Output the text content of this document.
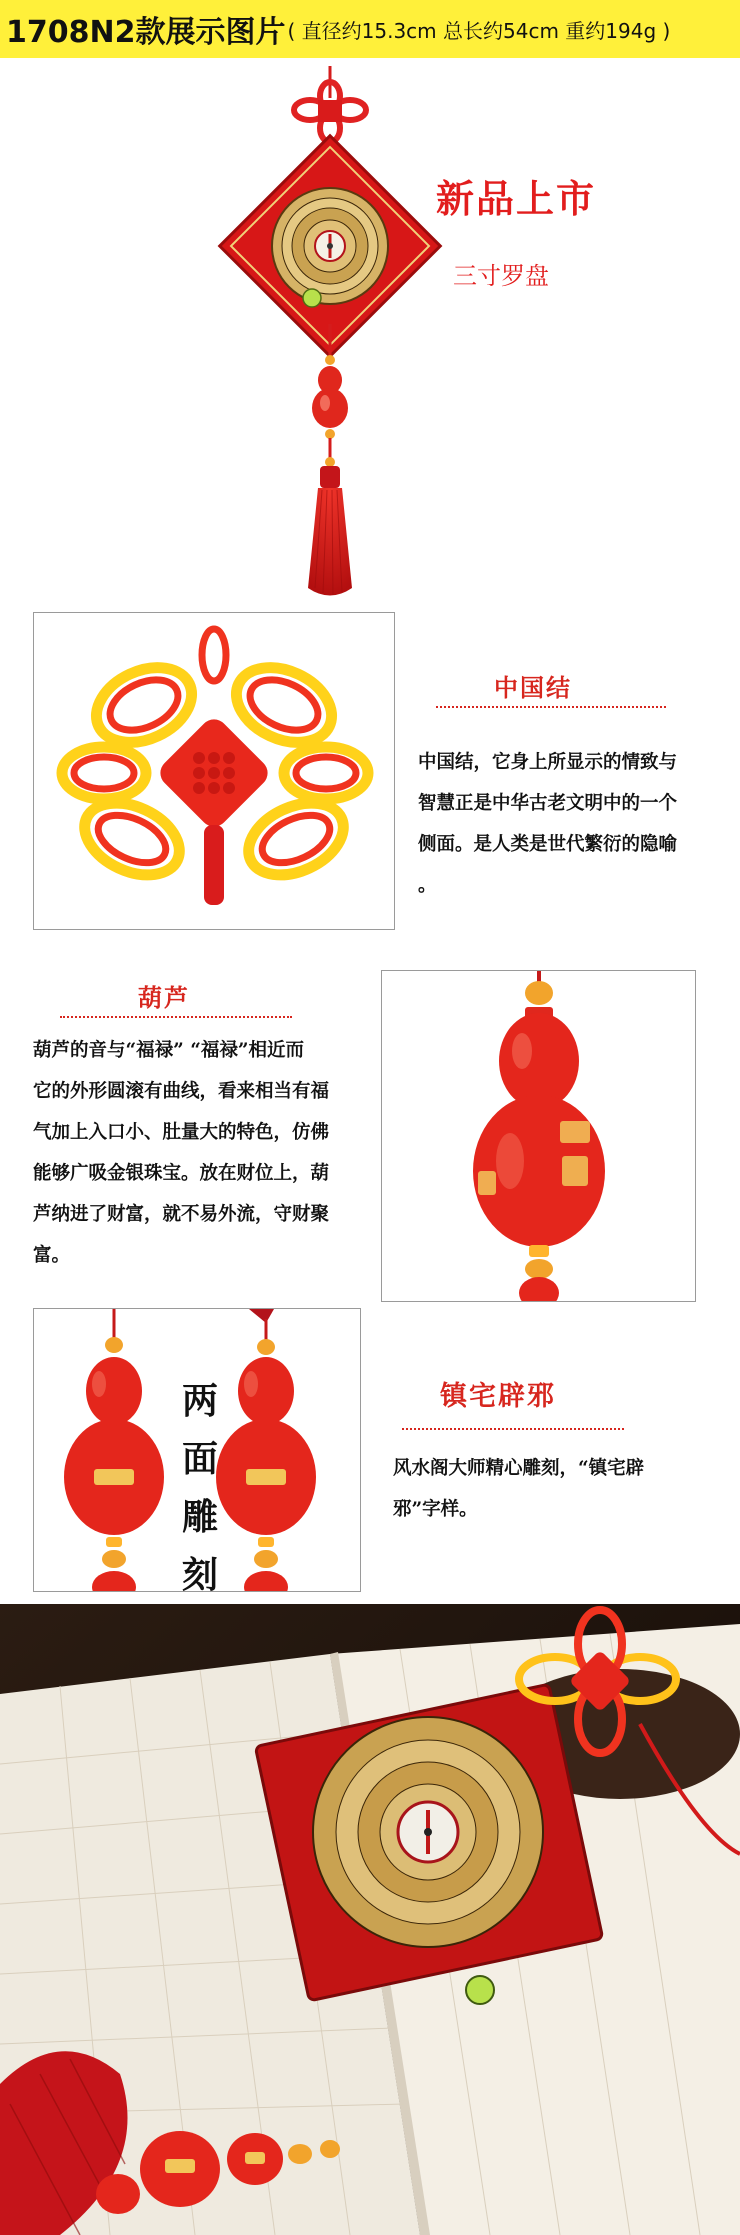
1708N2款展示图片 ( 直径约15.3cm 总长约54cm 重约194g )
新品上市
三寸罗盘
中国结
中国结，它身上所显示的情致与
智慧正是中华古老文明中的一个
侧面。是人类是世代繁衍的隐喻
。
葫芦
葫芦的音与“福禄” “福禄”相近而
它的外形圆滚有曲线，看来相当有福
气加上入口小、肚量大的特色，仿佛
能够广吸金银珠宝。放在财位上，葫
芦纳进了财富，就不易外流，守财聚
富。
两
面
雕
刻
镇宅辟邪
风水阁大师精心雕刻，“镇宅辟
邪”字样。
